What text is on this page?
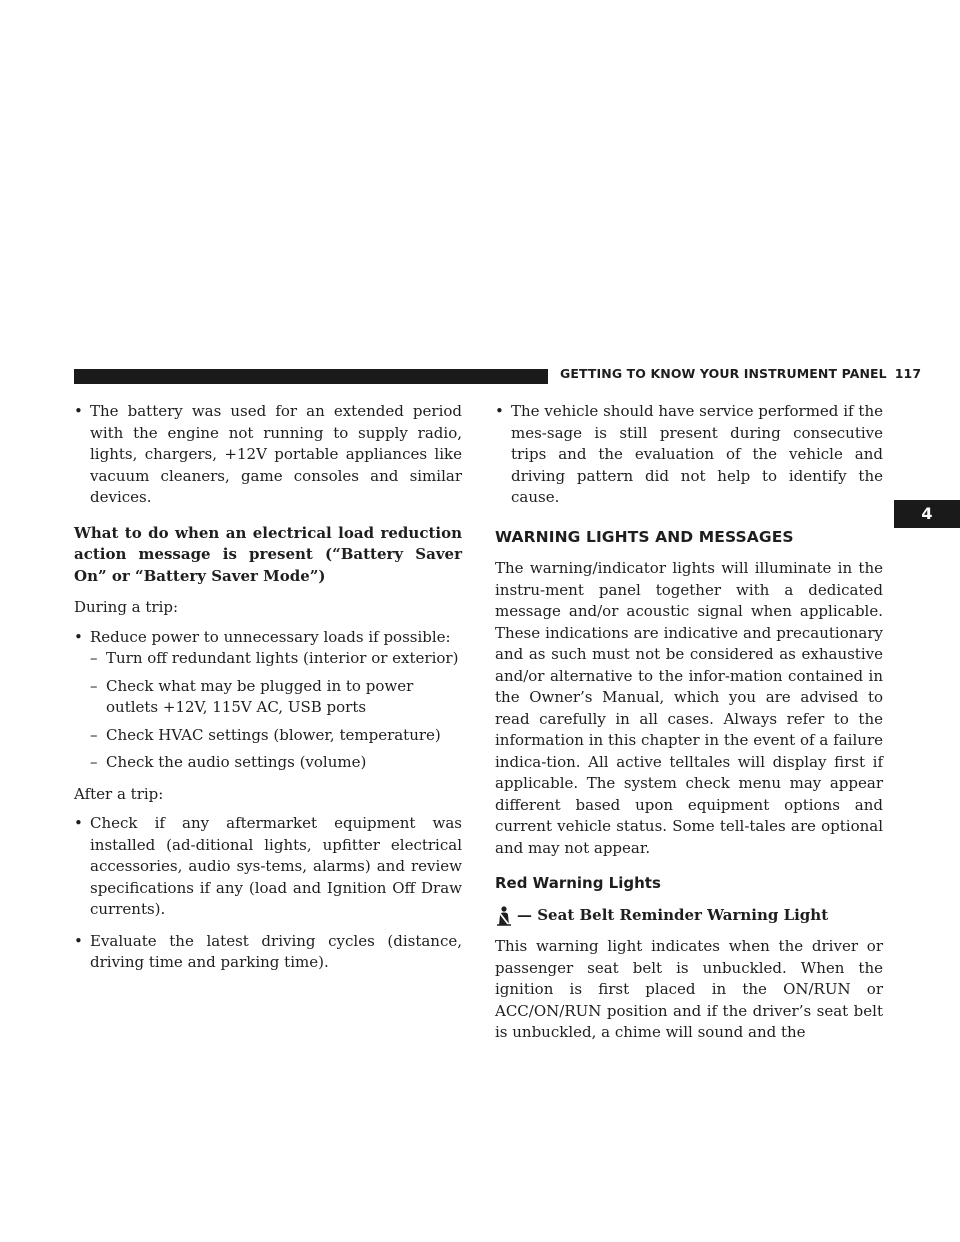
GETTING TO KNOW YOUR INSTRUMENT PANEL 117
4
• The battery was used for an extended period with the engine not running to supply radio, lights, chargers, +12V portable appliances like vacuum cleaners, game consoles and similar devices.

What to do when an electrical load reduction action message is present (“Battery Saver On” or “Battery Saver Mode”)

During a trip:

• Reduce power to unnecessary loads if possible:
– Turn off redundant lights (interior or exterior)
– Check what may be plugged in to power outlets +12V, 115V AC, USB ports
– Check HVAC settings (blower, temperature)
– Check the audio settings (volume)

After a trip:

• Check if any aftermarket equipment was installed (ad-ditional lights, upfitter electrical accessories, audio sys-tems, alarms) and review specifications if any (load and Ignition Off Draw currents).
• Evaluate the latest driving cycles (distance, driving time and parking time).
• The vehicle should have service performed if the mes-sage is still present during consecutive trips and the evaluation of the vehicle and driving pattern did not help to identify the cause.

WARNING LIGHTS AND MESSAGES

The warning/indicator lights will illuminate in the instru-ment panel together with a dedicated message and/or acoustic signal when applicable. These indications are indicative and precautionary and as such must not be considered as exhaustive and/or alternative to the infor-mation contained in the Owner’s Manual, which you are advised to read carefully in all cases. Always refer to the information in this chapter in the event of a failure indica-tion. All active telltales will display first if applicable. The system check menu may appear different based upon equipment options and current vehicle status. Some tell-tales are optional and may not appear.

Red Warning Lights

— Seat Belt Reminder Warning Light

This warning light indicates when the driver or passenger seat belt is unbuckled. When the ignition is first placed in the ON/RUN or ACC/ON/RUN position and if the driver’s seat belt is unbuckled, a chime will sound and the
